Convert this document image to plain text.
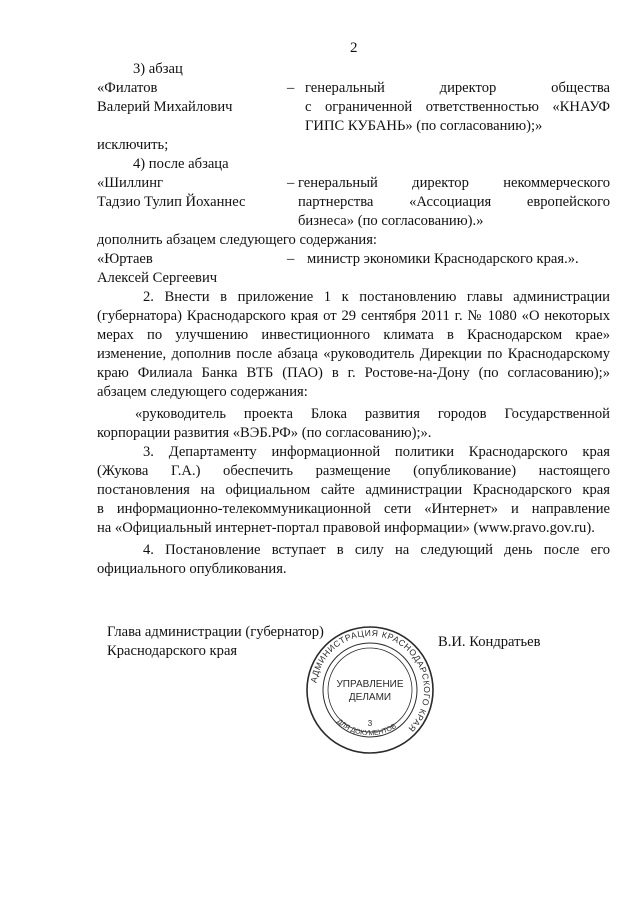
2
3) абзац
«Филатов
Валерий Михайлович
– генеральный директор общества
с ограниченной ответственностью «КНАУФ
ГИПС КУБАНЬ» (по согласованию);»
исключить;
4) после абзаца
«Шиллинг
Тадзио Тулип Йоханнес
– генеральный директор некоммерческого
партнерства «Ассоциация европейского
бизнеса» (по согласованию).»
дополнить абзацем следующего содержания:
«Юртаев
Алексей Сергеевич
– министр экономики Краснодарского края.».
2. Внести в приложение 1 к постановлению главы администрации
(губернатора) Краснодарского края от 29 сентября 2011 г. № 1080 «О некоторых
мерах по улучшению инвестиционного климата в Краснодарском крае»
изменение, дополнив после абзаца «руководитель Дирекции по Краснодарскому
краю Филиала Банка ВТБ (ПАО) в г. Ростове-на-Дону (по согласованию);»
абзацем следующего содержания:
«руководитель проекта Блока развития городов Государственной
корпорации развития «ВЭБ.РФ» (по согласованию);».
3. Департаменту информационной политики Краснодарского края
(Жукова Г.А.) обеспечить размещение (опубликование) настоящего
постановления на официальном сайте администрации Краснодарского края
в информационно-телекоммуникационной сети «Интернет» и направление
на «Официальный интернет-портал правовой информации» (www.pravo.gov.ru).
4. Постановление вступает в силу на следующий день после его
официального опубликования.
Глава администрации (губернатор)
Краснодарского края
В.И. Кондратьев
АДМИНИСТРАЦИЯ КРАСНОДАРСКОГО КРАЯ
ДЛЯ ДОКУМЕНТОВ
УПРАВЛЕНИЕ
ДЕЛАМИ
3
